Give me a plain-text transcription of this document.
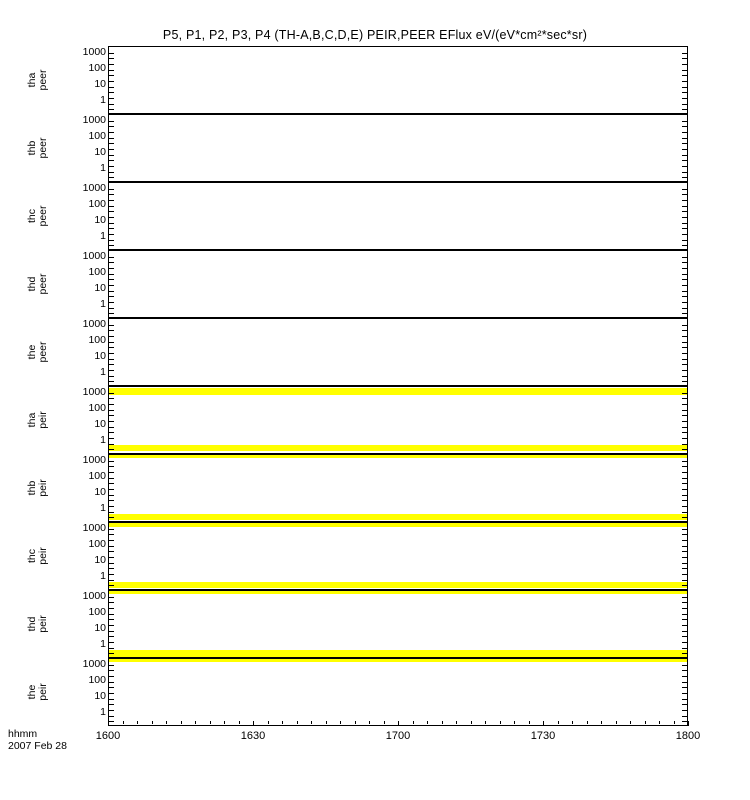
P5, P1, P2, P3, P4 (TH-A,B,C,D,E) PEIR,PEER EFlux eV/(eV*cm²*sec*sr)
1000
100
10
1
tha peer
1000
100
10
1
thb peer
1000
100
10
1
thc peer
1000
100
10
1
thd peer
1000
100
10
1
the peer
1000
100
10
1
tha peir
1000
100
10
1
thb peir
1000
100
10
1
thc peir
1000
100
10
1
thd peir
1000
100
10
1
the peir
1600	1630	1700	1730	1800
hhmm
2007 Feb 28
